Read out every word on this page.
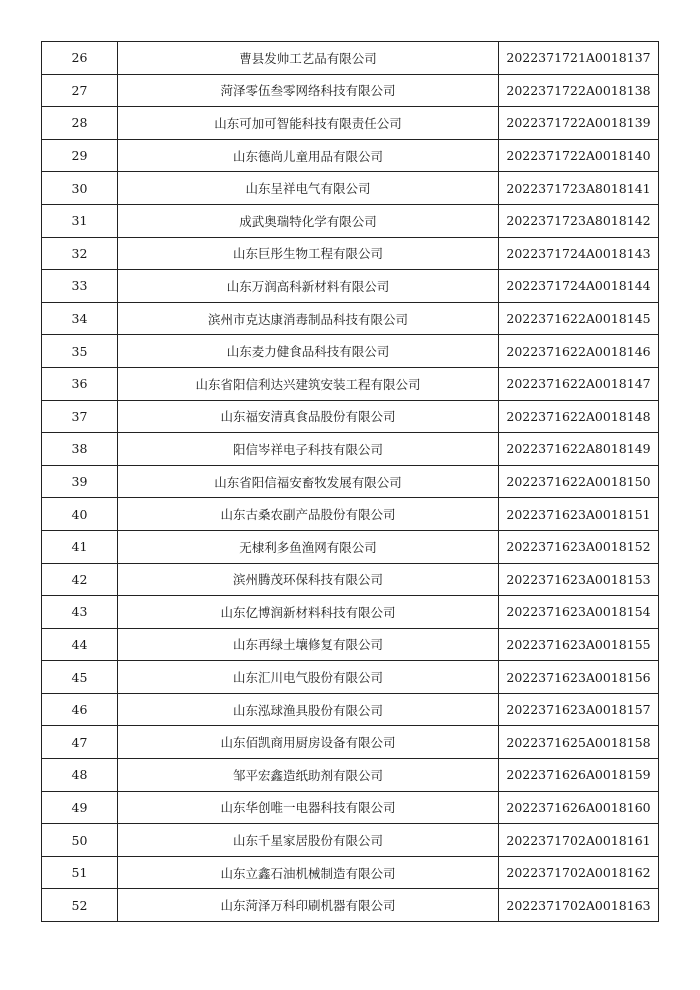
26	曹县发帅工艺品有限公司	2022371721A0018137
27	菏泽零伍叁零网络科技有限公司	2022371722A0018138
28	山东可加可智能科技有限责任公司	2022371722A0018139
29	山东德尚儿童用品有限公司	2022371722A0018140
30	山东呈祥电气有限公司	2022371723A8018141
31	成武奥瑞特化学有限公司	2022371723A8018142
32	山东巨彤生物工程有限公司	2022371724A0018143
33	山东万润高科新材料有限公司	2022371724A0018144
34	滨州市克达康消毒制品科技有限公司	2022371622A0018145
35	山东麦力健食品科技有限公司	2022371622A0018146
36	山东省阳信利达兴建筑安装工程有限公司	2022371622A0018147
37	山东福安清真食品股份有限公司	2022371622A0018148
38	阳信岑祥电子科技有限公司	2022371622A8018149
39	山东省阳信福安畜牧发展有限公司	2022371622A0018150
40	山东古桑农副产品股份有限公司	2022371623A0018151
41	无棣利多鱼渔网有限公司	2022371623A0018152
42	滨州腾茂环保科技有限公司	2022371623A0018153
43	山东亿博润新材料科技有限公司	2022371623A0018154
44	山东再绿土壤修复有限公司	2022371623A0018155
45	山东汇川电气股份有限公司	2022371623A0018156
46	山东泓球渔具股份有限公司	2022371623A0018157
47	山东佰凯商用厨房设备有限公司	2022371625A0018158
48	邹平宏鑫造纸助剂有限公司	2022371626A0018159
49	山东华创唯一电器科技有限公司	2022371626A0018160
50	山东千星家居股份有限公司	2022371702A0018161
51	山东立鑫石油机械制造有限公司	2022371702A0018162
52	山东菏泽万科印刷机器有限公司	2022371702A0018163
